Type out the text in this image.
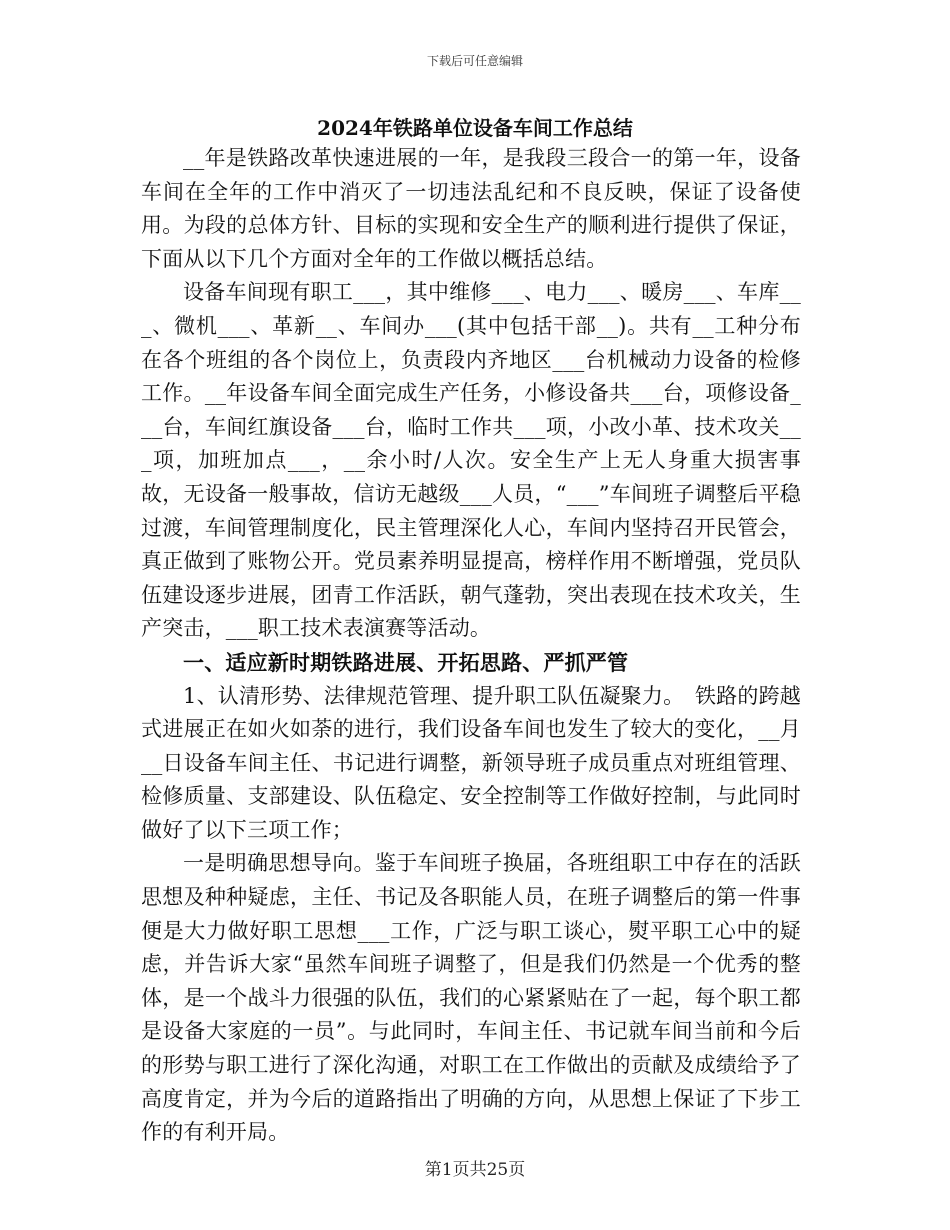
下载后可任意编辑
2024年铁路单位设备车间工作总结

__年是铁路改革快速进展的一年，是我段三段合一的第一年，设备车间在全年的工作中消灭了一切违法乱纪和不良反映，保证了设备使用。为段的总体方针、目标的实现和安全生产的顺利进行提供了保证，下面从以下几个方面对全年的工作做以概括总结。

设备车间现有职工___，其中维修___、电力___、暖房___、车库___、微机___、革新__、车间办___(其中包括干部__)。共有__工种分布在各个班组的各个岗位上，负责段内齐地区___台机械动力设备的检修工作。__年设备车间全面完成生产任务，小修设备共___台，项修设备___台，车间红旗设备___台，临时工作共___项，小改小革、技术攻关___项，加班加点___，__余小时/人次。安全生产上无人身重大损害事故，无设备一般事故，信访无越级___人员，“___”车间班子调整后平稳过渡，车间管理制度化，民主管理深化人心，车间内坚持召开民管会，真正做到了账物公开。党员素养明显提高，榜样作用不断增强，党员队伍建设逐步进展，团青工作活跃，朝气蓬勃，突出表现在技术攻关，生产突击，___职工技术表演赛等活动。

一、适应新时期铁路进展、开拓思路、严抓严管

1、认清形势、法律规范管理、提升职工队伍凝聚力。　铁路的跨越式进展正在如火如荼的进行，我们设备车间也发生了较大的变化，__月__日设备车间主任、书记进行调整，新领导班子成员重点对班组管理、检修质量、支部建设、队伍稳定、安全控制等工作做好控制，与此同时做好了以下三项工作；

一是明确思想导向。鉴于车间班子换届，各班组职工中存在的活跃思想及种种疑虑，主任、书记及各职能人员，在班子调整后的第一件事便是大力做好职工思想___工作，广泛与职工谈心，熨平职工心中的疑虑，并告诉大家“虽然车间班子调整了，但是我们仍然是一个优秀的整体，是一个战斗力很强的队伍，我们的心紧紧贴在了一起，每个职工都是设备大家庭的一员”。与此同时，车间主任、书记就车间当前和今后的形势与职工进行了深化沟通，对职工在工作做出的贡献及成绩给予了高度肯定，并为今后的道路指出了明确的方向，从思想上保证了下步工作的有利开局。

第1页共25页
